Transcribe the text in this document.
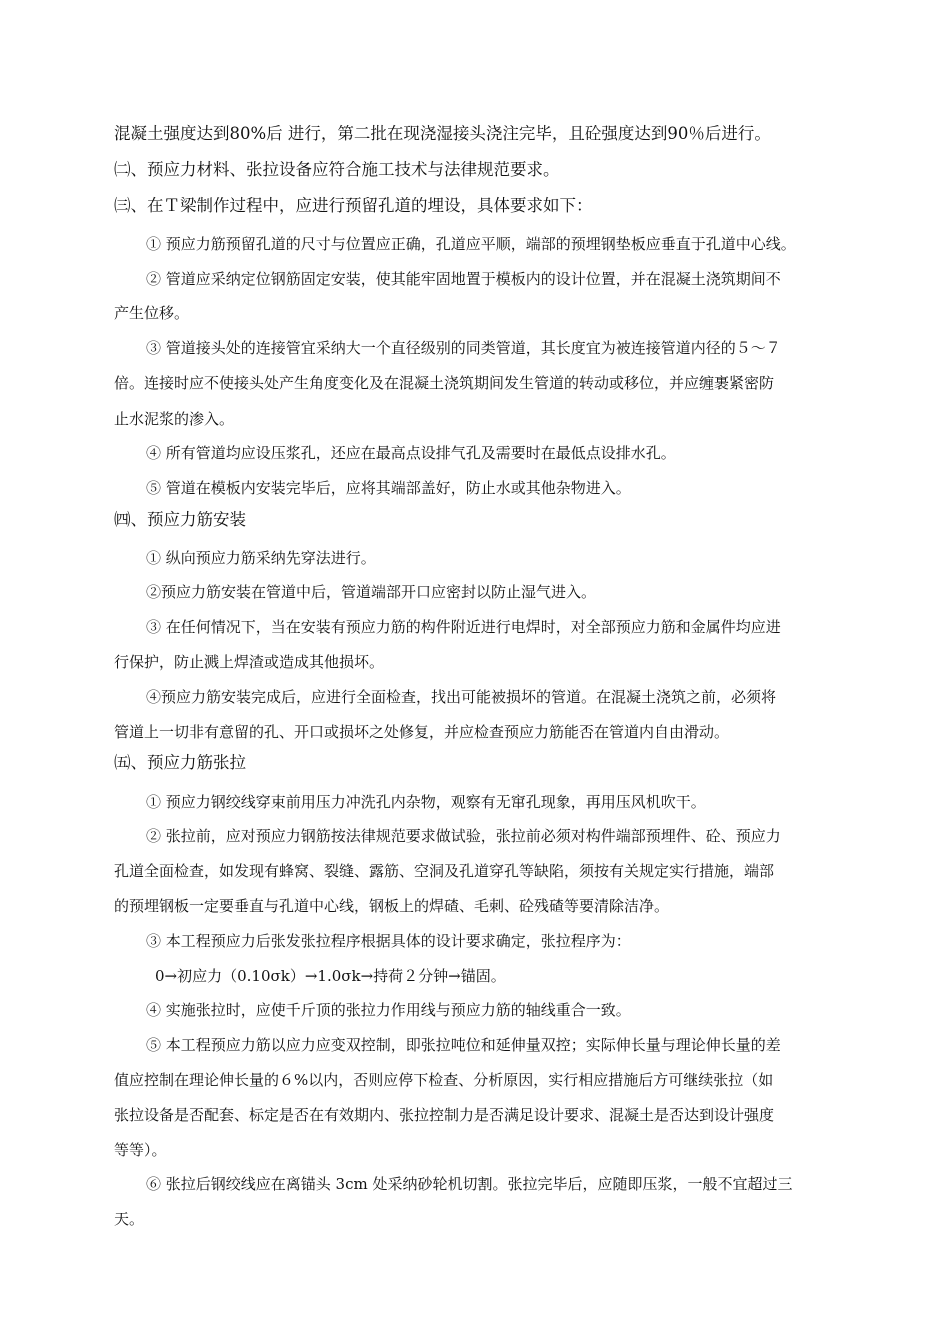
混凝土强度达到80%后 进行，第二批在现浇湿接头浇注完毕，且砼强度达到90％后进行。
㈡、预应力材料、张拉设备应符合施工技术与法律规范要求。
㈢、在Ｔ梁制作过程中，应进行预留孔道的埋设，具体要求如下：
① 预应力筋预留孔道的尺寸与位置应正确，孔道应平顺，端部的预埋钢垫板应垂直于孔道中心线。
② 管道应采纳定位钢筋固定安装，使其能牢固地置于模板内的设计位置，并在混凝土浇筑期间不
产生位移。
③ 管道接头处的连接管宜采纳大一个直径级别的同类管道，其长度宜为被连接管道内径的５～７
倍。连接时应不使接头处产生角度变化及在混凝土浇筑期间发生管道的转动或移位，并应缠裹紧密防
止水泥浆的渗入。
④ 所有管道均应设压浆孔，还应在最高点设排气孔及需要时在最低点设排水孔。
⑤ 管道在模板内安装完毕后，应将其端部盖好，防止水或其他杂物进入。
㈣、预应力筋安装
① 纵向预应力筋采纳先穿法进行。
②预应力筋安装在管道中后，管道端部开口应密封以防止湿气进入。
③ 在任何情况下，当在安装有预应力筋的构件附近进行电焊时，对全部预应力筋和金属件均应进
行保护，防止溅上焊渣或造成其他损坏。
④预应力筋安装完成后，应进行全面检查，找出可能被损坏的管道。在混凝土浇筑之前，必须将
管道上一切非有意留的孔、开口或损坏之处修复，并应检查预应力筋能否在管道内自由滑动。
㈤、预应力筋张拉
① 预应力钢绞线穿束前用压力冲洗孔内杂物，观察有无窜孔现象，再用压风机吹干。
② 张拉前，应对预应力钢筋按法律规范要求做试验，张拉前必须对构件端部预埋件、砼、预应力
孔道全面检查，如发现有蜂窝、裂缝、露筋、空洞及孔道穿孔等缺陷，须按有关规定实行措施，端部
的预埋钢板一定要垂直与孔道中心线，钢板上的焊碴、毛刺、砼残碴等要清除洁净。
③ 本工程预应力后张发张拉程序根据具体的设计要求确定，张拉程序为：
0→初应力（0.10σk）→1.0σk→持荷２分钟→锚固。
④ 实施张拉时，应使千斤顶的张拉力作用线与预应力筋的轴线重合一致。
⑤ 本工程预应力筋以应力应变双控制，即张拉吨位和延伸量双控；实际伸长量与理论伸长量的差
值应控制在理论伸长量的６%以内，否则应停下检查、分析原因，实行相应措施后方可继续张拉（如
张拉设备是否配套、标定是否在有效期内、张拉控制力是否满足设计要求、混凝土是否达到设计强度
等等）。
⑥ 张拉后钢绞线应在离锚头 3cm 处采纳砂轮机切割。张拉完毕后，应随即压浆，一般不宜超过三
天。
